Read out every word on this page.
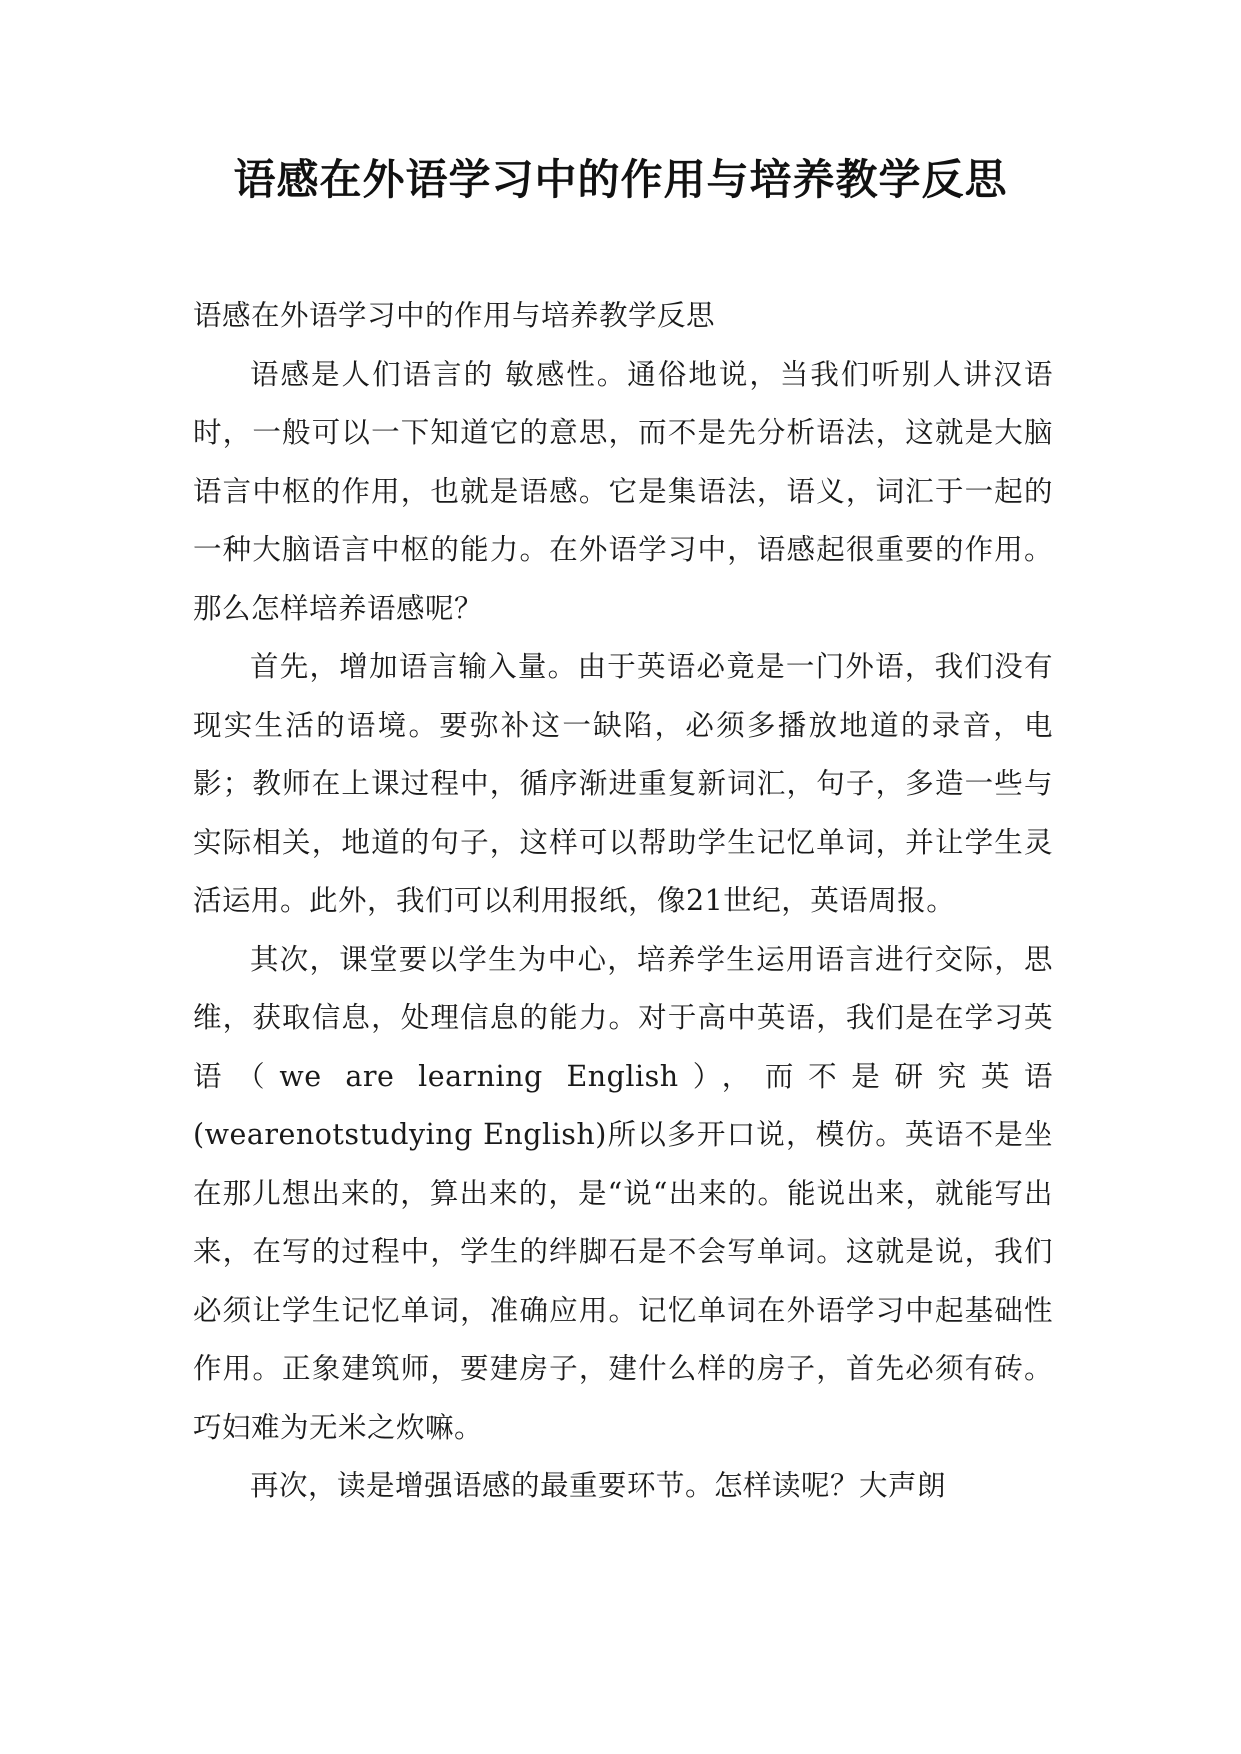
语感在外语学习中的作用与培养教学反思

语感在外语学习中的作用与培养教学反思

语感是人们语言的 敏感性。通俗地说，当我们听别人讲汉语时，一般可以一下知道它的意思，而不是先分析语法，这就是大脑语言中枢的作用，也就是语感。它是集语法，语义，词汇于一起的一种大脑语言中枢的能力。在外语学习中，语感起很重要的作用。那么怎样培养语感呢？

首先，增加语言输入量。由于英语必竟是一门外语，我们没有现实生活的语境。要弥补这一缺陷，必须多播放地道的录音，电影；教师在上课过程中，循序渐进重复新词汇，句子，多造一些与实际相关，地道的句子，这样可以帮助学生记忆单词，并让学生灵活运用。此外，我们可以利用报纸，像21世纪，英语周报。

其次，课堂要以学生为中心，培养学生运用语言进行交际，思维，获取信息，处理信息的能力。对于高中英语，我们是在学习英语（we are learning English），而不是研究英语(wearenotstudying English)所以多开口说，模仿。英语不是坐在那儿想出来的，算出来的，是“说“出来的。能说出来，就能写出来，在写的过程中，学生的绊脚石是不会写单词。这就是说，我们必须让学生记忆单词，准确应用。记忆单词在外语学习中起基础性作用。正象建筑师，要建房子，建什么样的房子，首先必须有砖。巧妇难为无米之炊嘛。

再次，读是增强语感的最重要环节。怎样读呢？大声朗
